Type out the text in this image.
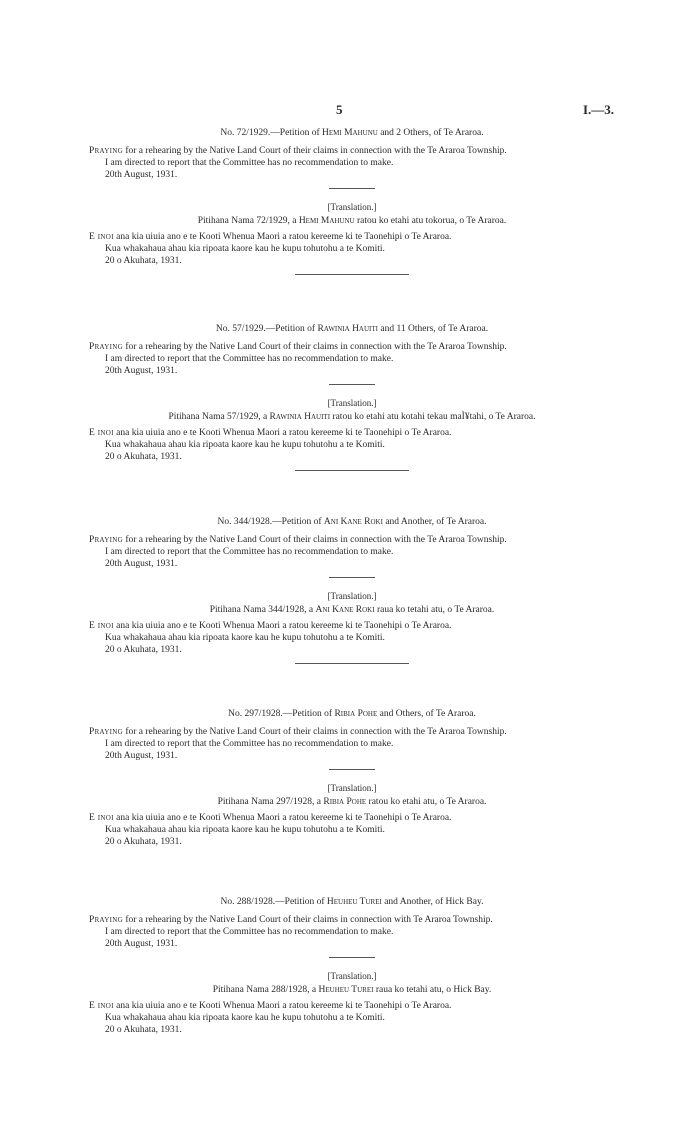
5	I.—3.

No. 72/1929.—Petition of Hemi Mahunu and 2 Others, of Te Araroa.

Praying for a rehearing by the Native Land Court of their claims in connection with the Te Araroa Township.

I am directed to report that the Committee has no recommendation to make.

20th August, 1931.

[Translation.]

Pitihana Nama 72/1929, a Hemi Mahunu ratou ko etahi atu tokorua, o Te Araroa.

E inoi ana kia uiuia ano e te Kooti Whenua Maori a ratou kereeme ki te Taonehipi o Te Araroa.

Kua whakahaua ahau kia ripoata kaore kau he kupu tohutohu a te Komiti.

20 o Akuhata, 1931.

No. 57/1929.—Petition of Rawinia Hauiti and 11 Others, of Te Araroa.

Praying for a rehearing by the Native Land Court of their claims in connection with the Te Araroa Township.

I am directed to report that the Committee has no recommendation to make.

20th August, 1931.

[Translation.]

Pitihana Nama 57/1929, a Rawinia Hauiti ratou ko etahi atu kotahi tekau maÌ¥tahi, o Te Araroa.

E inoi ana kia uiuia ano e te Kooti Whenua Maori a ratou kereeme ki te Taonehipi o Te Araroa.

Kua whakahaua ahau kia ripoata kaore kau he kupu tohutohu a te Komiti.

20 o Akuhata, 1931.

No. 344/1928.—Petition of Ani Kane Roki and Another, of Te Araroa.

Praying for a rehearing by the Native Land Court of their claims in connection with the Te Araroa Township.

I am directed to report that the Committee has no recommendation to make.

20th August, 1931.

[Translation.]

Pitihana Nama 344/1928, a Ani Kane Roki raua ko tetahi atu, o Te Araroa.

E inoi ana kia uiuia ano e te Kooti Whenua Maori a ratou kereeme ki te Taonehipi o Te Araroa.

Kua whakahaua ahau kia ripoata kaore kau he kupu tohutohu a te Komiti.

20 o Akuhata, 1931.

No. 297/1928.—Petition of Ribia Pohe and Others, of Te Araroa.

Praying for a rehearing by the Native Land Court of their claims in connection with the Te Araroa Township.

I am directed to report that the Committee has no recommendation to make.

20th August, 1931.

[Translation.]

Pitihana Nama 297/1928, a Ribia Pohe ratou ko etahi atu, o Te Araroa.

E inoi ana kia uiuia ano e te Kooti Whenua Maori a ratou kereeme ki te Taonehipi o Te Araroa.

Kua whakahaua ahau kia ripoata kaore kau he kupu tohutohu a te Komiti.

20 o Akuhata, 1931.

No. 288/1928.—Petition of Heuheu Turei and Another, of Hick Bay.

Praying for a rehearing by the Native Land Court of their claims in connection with Te Araroa Township.

I am directed to report that the Committee has no recommendation to make.

20th August, 1931.

[Translation.]

Pitihana Nama 288/1928, a Heuheu Turei raua ko tetahi atu, o Hick Bay.

E inoi ana kia uiuia ano e te Kooti Whenua Maori a ratou kereeme ki te Taonehipi o Te Araroa.

Kua whakahaua ahau kia ripoata kaore kau he kupu tohutohu a te Komiti.

20 o Akuhata, 1931.
